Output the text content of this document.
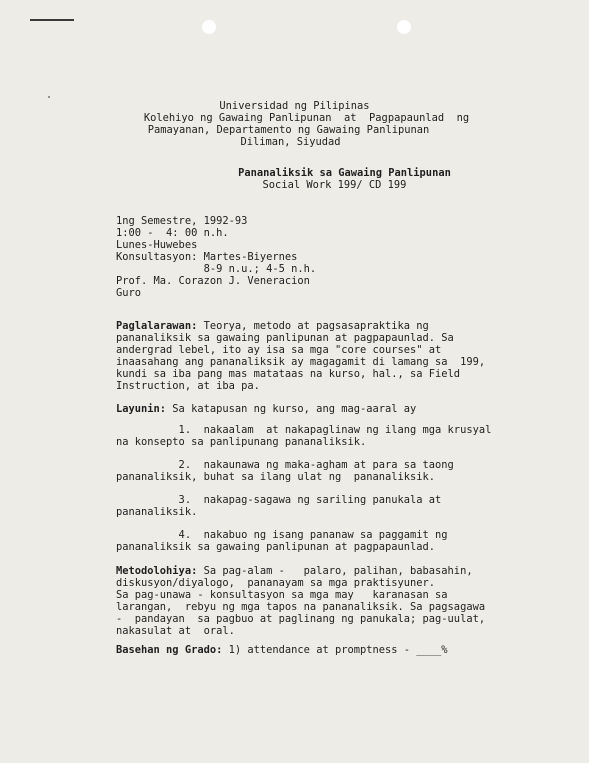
Universidad ng Pilipinas
Kolehiyo ng Gawaing Panlipunan  at  Pagpapaunlad  ng
Pamayanan, Departamento ng Gawaing Panlipunan
Diliman, Siyudad
Pananaliksik sa Gawaing Panlipunan
Social Work 199/ CD 199
1ng Semestre, 1992-93
1:00 -  4: 00 n.h.
Lunes-Huwebes
Konsultasyon: Martes-Biyernes
8-9 n.u.; 4-5 n.h.
Prof. Ma. Corazon J. Veneracion
Guro
Paglalarawan: Teorya, metodo at pagsasapraktika ng
pananaliksik sa gawaing panlipunan at pagpapaunlad. Sa
andergrad lebel, ito ay isa sa mga "core courses" at
inaasahang ang pananaliksik ay magagamit di lamang sa  199,
kundi sa iba pang mas matataas na kurso, hal., sa Field
Instruction, at iba pa.
Layunin: Sa katapusan ng kurso, ang mag-aaral ay
1.  nakaalam  at nakapaglinaw ng ilang mga krusyal
na konsepto sa panlipunang pananaliksik.
2.  nakaunawa ng maka-agham at para sa taong
pananaliksik, buhat sa ilang ulat ng  pananaliksik.
3.  nakapag-sagawa ng sariling panukala at
pananaliksik.
4.  nakabuo ng isang pananaw sa paggamit ng
pananaliksik sa gawaing panlipunan at pagpapaunlad.
Metodolohiya: Sa pag-alam -   palaro, palihan, babasahin,
diskusyon/diyalogo,  pananayam sa mga praktisyuner.
Sa pag-unawa - konsultasyon sa mga may   karanasan sa
larangan,  rebyu ng mga tapos na pananaliksik. Sa pagsagawa
-  pandayan  sa pagbuo at paglinang ng panukala; pag-uulat,
nakasulat at  oral.
Basehan ng Grado: 1) attendance at promptness - ____%
